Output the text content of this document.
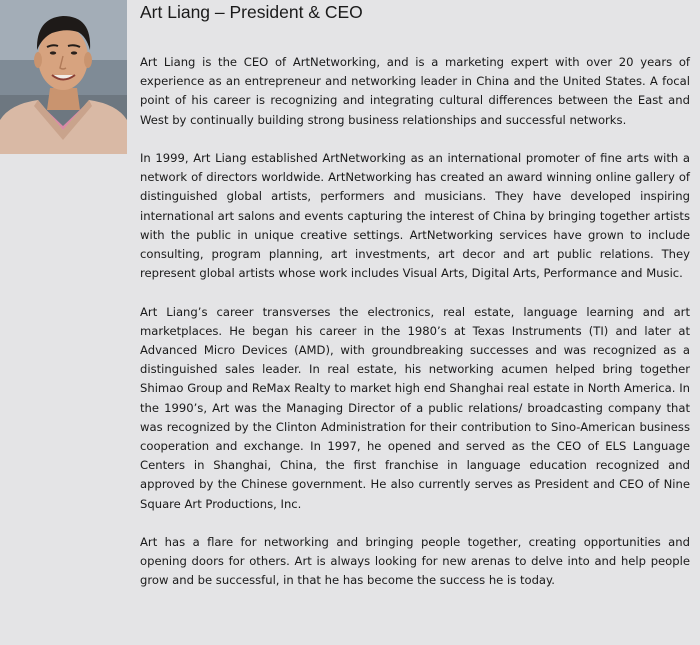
Art Liang – President & CEO

Art Liang is the CEO of ArtNetworking, and is a marketing expert with over 20 years of experience as an entrepreneur and networking leader in China and the United States. A focal point of his career is recognizing and integrating cultural differences between the East and West by continually building strong business relationships and successful networks.

In 1999, Art Liang established ArtNetworking as an international promoter of fine arts with a network of directors worldwide. ArtNetworking has created an award winning online gallery of distinguished global artists, performers and musicians. They have developed inspiring international art salons and events capturing the interest of China by bringing together artists with the public in unique creative settings. ArtNetworking services have grown to include consulting, program planning, art investments, art decor and art public relations. They represent global artists whose work includes Visual Arts, Digital Arts, Performance and Music.

Art Liang’s career transverses the electronics, real estate, language learning and art marketplaces. He began his career in the 1980’s at Texas Instruments (TI) and later at Advanced Micro Devices (AMD), with groundbreaking successes and was recognized as a distinguished sales leader. In real estate, his networking acumen helped bring together Shimao Group and ReMax Realty to market high end Shanghai real estate in North America. In the 1990’s, Art was the Managing Director of a public relations/ broadcasting company that was recognized by the Clinton Administration for their contribution to Sino-American business cooperation and exchange. In 1997, he opened and served as the CEO of ELS Language Centers in Shanghai, China, the first franchise in language education recognized and approved by the Chinese government. He also currently serves as President and CEO of Nine Square Art Productions, Inc.

Art has a flare for networking and bringing people together, creating opportunities and opening doors for others. Art is always looking for new arenas to delve into and help people grow and be successful, in that he has become the success he is today.
